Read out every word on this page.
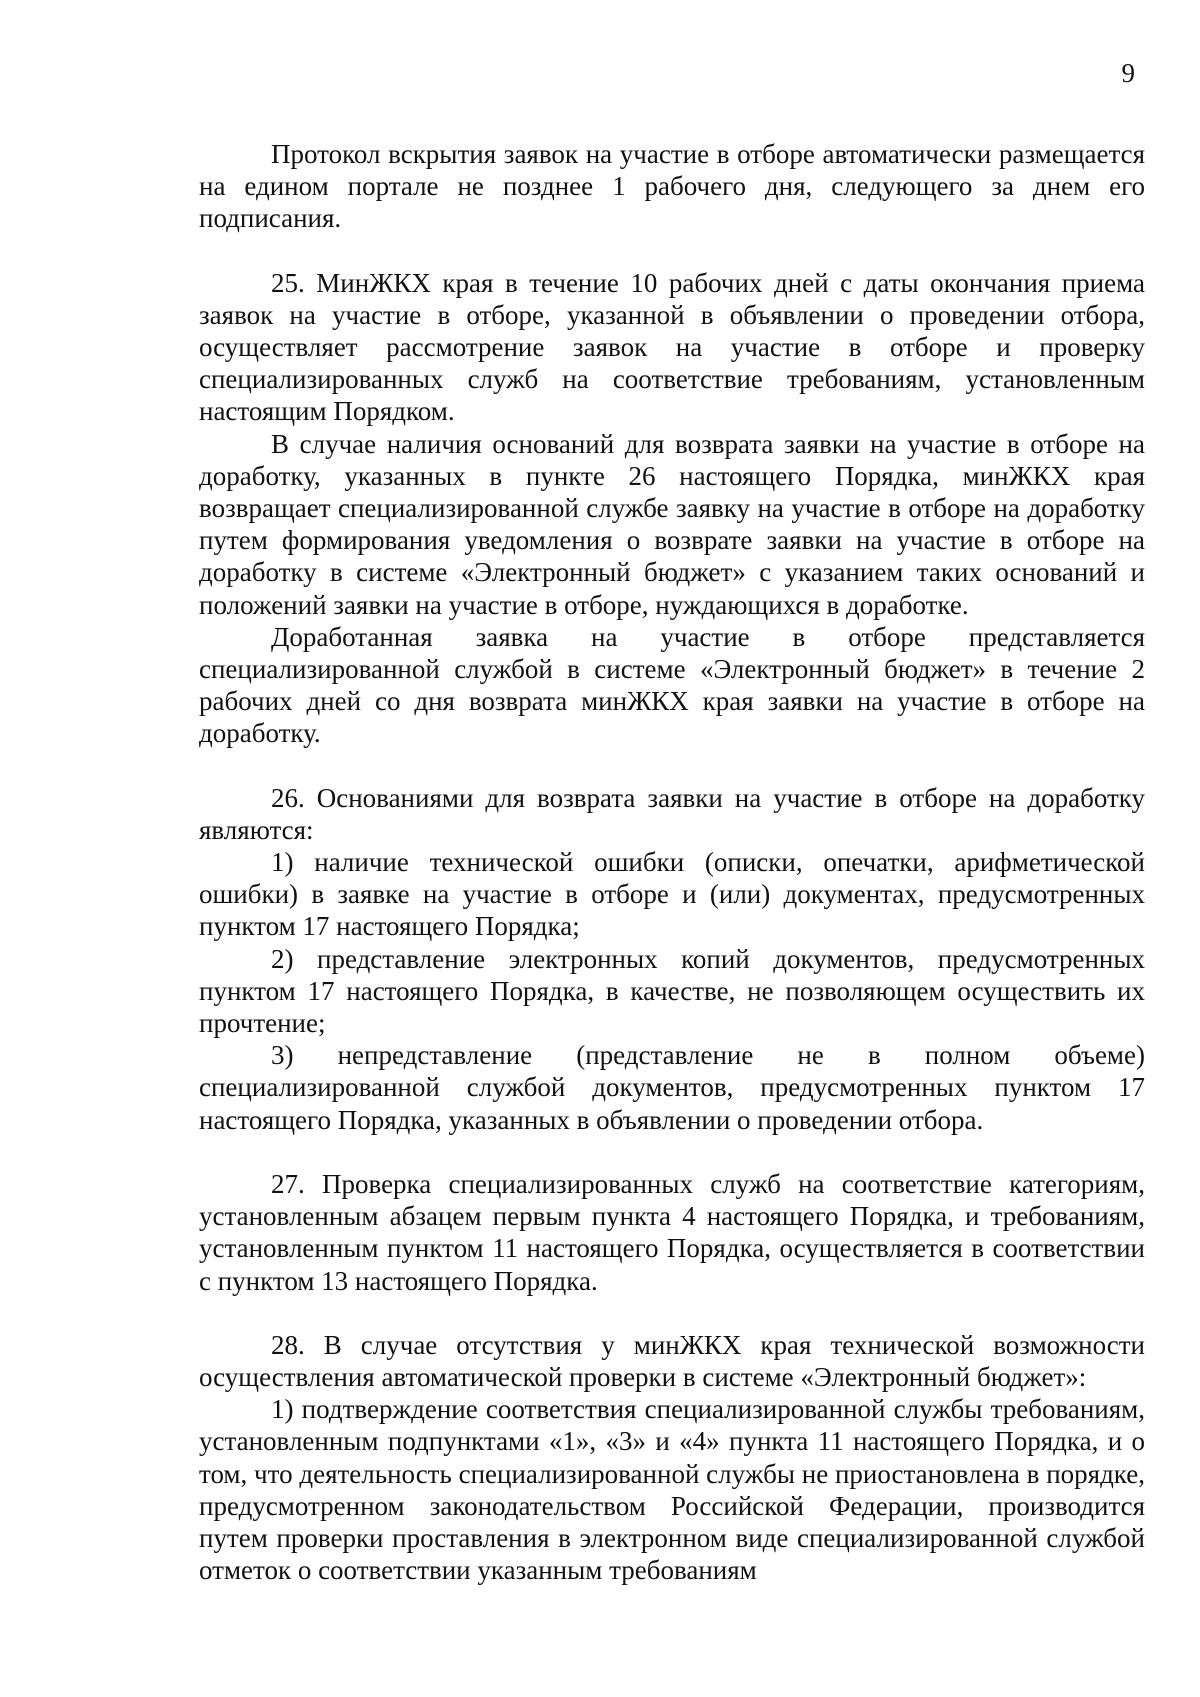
9

Протокол вскрытия заявок на участие в отборе автоматически размещается на едином портале не позднее 1 рабочего дня, следующего за днем его подписания.

25. МинЖКХ края в течение 10 рабочих дней с даты окончания приема заявок на участие в отборе, указанной в объявлении о проведении отбора, осуществляет рассмотрение заявок на участие в отборе и проверку специализированных служб на соответствие требованиям, установленным настоящим Порядком.

В случае наличия оснований для возврата заявки на участие в отборе на доработку, указанных в пункте 26 настоящего Порядка, минЖКХ края возвращает специализированной службе заявку на участие в отборе на доработку путем формирования уведомления о возврате заявки на участие в отборе на доработку в системе «Электронный бюджет» с указанием таких оснований и положений заявки на участие в отборе, нуждающихся в доработке.

Доработанная заявка на участие в отборе представляется специализированной службой в системе «Электронный бюджет» в течение 2 рабочих дней со дня возврата минЖКХ края заявки на участие в отборе на доработку.

26. Основаниями для возврата заявки на участие в отборе на доработку являются:

1) наличие технической ошибки (описки, опечатки, арифметической ошибки) в заявке на участие в отборе и (или) документах, предусмотренных пунктом 17 настоящего Порядка;

2) представление электронных копий документов, предусмотренных пунктом 17 настоящего Порядка, в качестве, не позволяющем осуществить их прочтение;

3) непредставление (представление не в полном объеме) специализированной службой документов, предусмотренных пунктом 17 настоящего Порядка, указанных в объявлении о проведении отбора.

27. Проверка специализированных служб на соответствие категориям, установленным абзацем первым пункта 4 настоящего Порядка, и требованиям, установленным пунктом 11 настоящего Порядка, осуществляется в соответствии с пунктом 13 настоящего Порядка.

28. В случае отсутствия у минЖКХ края технической возможности осуществления автоматической проверки в системе «Электронный бюджет»:

1) подтверждение соответствия специализированной службы требованиям, установленным подпунктами «1», «3» и «4» пункта 11 настоящего Порядка, и о том, что деятельность специализированной службы не приостановлена в порядке, предусмотренном законодательством Российской Федерации, производится путем проверки проставления в электронном виде специализированной службой отметок о соответствии указанным требованиям
